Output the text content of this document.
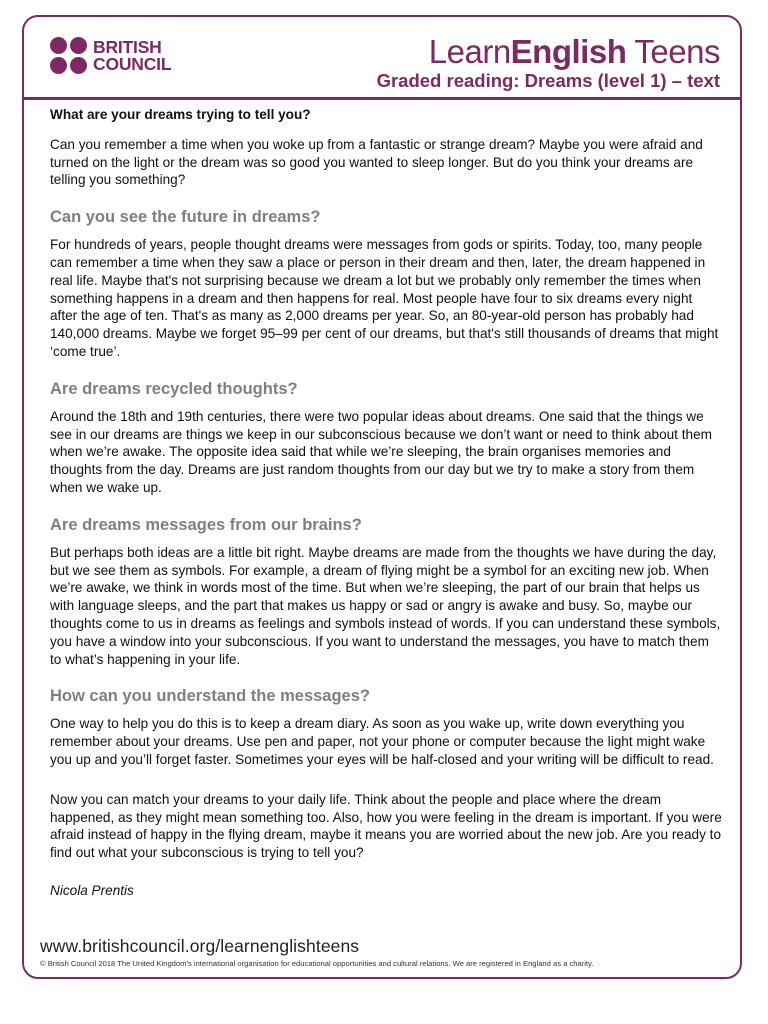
BRITISH
COUNCIL	LearnEnglish Teens
Graded reading: Dreams (level 1) – text
What are your dreams trying to tell you?

Can you remember a time when you woke up from a fantastic or strange dream? Maybe you were afraid and turned on the light or the dream was so good you wanted to sleep longer. But do you think your dreams are telling you something?

Can you see the future in dreams?

For hundreds of years, people thought dreams were messages from gods or spirits. Today, too, many people can remember a time when they saw a place or person in their dream and then, later, the dream happened in real life. Maybe that's not surprising because we dream a lot but we probably only remember the times when something happens in a dream and then happens for real. Most people have four to six dreams every night after the age of ten. That's as many as 2,000 dreams per year. So, an 80-year-old person has probably had 140,000 dreams. Maybe we forget 95–99 per cent of our dreams, but that's still thousands of dreams that might ‘come true’.

Are dreams recycled thoughts?

Around the 18th and 19th centuries, there were two popular ideas about dreams. One said that the things we see in our dreams are things we keep in our subconscious because we don’t want or need to think about them when we’re awake. The opposite idea said that while we’re sleeping, the brain organises memories and thoughts from the day. Dreams are just random thoughts from our day but we try to make a story from them when we wake up.

Are dreams messages from our brains?

But perhaps both ideas are a little bit right. Maybe dreams are made from the thoughts we have during the day, but we see them as symbols. For example, a dream of flying might be a symbol for an exciting new job. When we’re awake, we think in words most of the time. But when we’re sleeping, the part of our brain that helps us with language sleeps, and the part that makes us happy or sad or angry is awake and busy. So, maybe our thoughts come to us in dreams as feelings and symbols instead of words. If you can understand these symbols, you have a window into your subconscious. If you want to understand the messages, you have to match them to what’s happening in your life.

How can you understand the messages?

One way to help you do this is to keep a dream diary. As soon as you wake up, write down everything you remember about your dreams. Use pen and paper, not your phone or computer because the light might wake you up and you’ll forget faster. Sometimes your eyes will be half-closed and your writing will be difficult to read.

Now you can match your dreams to your daily life. Think about the people and place where the dream happened, as they might mean something too. Also, how you were feeling in the dream is important. If you were afraid instead of happy in the flying dream, maybe it means you are worried about the new job. Are you ready to find out what your subconscious is trying to tell you?

Nicola Prentis
www.britishcouncil.org/learnenglishteens
© British Council 2018 The United Kingdom’s international organisation for educational opportunities and cultural relations. We are registered in England as a charity.
